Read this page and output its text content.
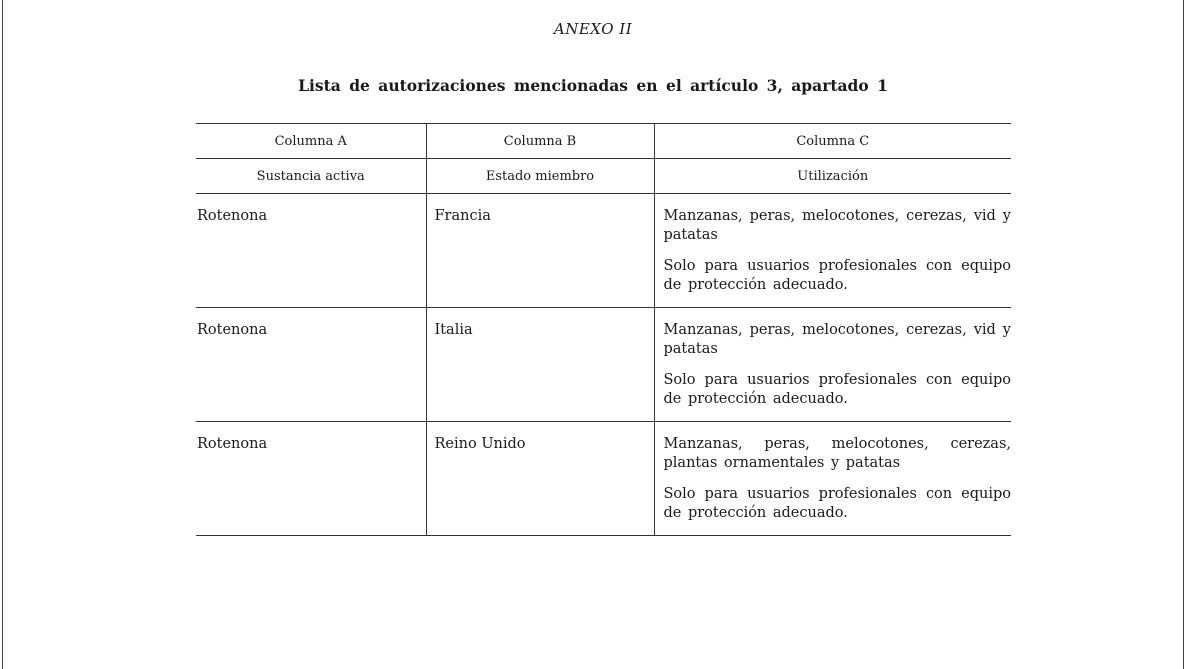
ANEXO II
Lista de autorizaciones mencionadas en el artículo 3, apartado 1
Columna A	Columna B	Columna C
Sustancia activa	Estado miembro	Utilización
Rotenona	Francia	Manzanas, peras, melocotones, cerezas, vid y patatas

Solo para usuarios profesionales con equipo de protección adecuado.

Rotenona	Italia	Manzanas, peras, melocotones, cerezas, vid y patatas

Solo para usuarios profesionales con equipo de protección adecuado.

Rotenona	Reino Unido	Manzanas, peras, melocotones, cerezas, plantas ornamentales y patatas

Solo para usuarios profesionales con equipo de protección adecuado.
